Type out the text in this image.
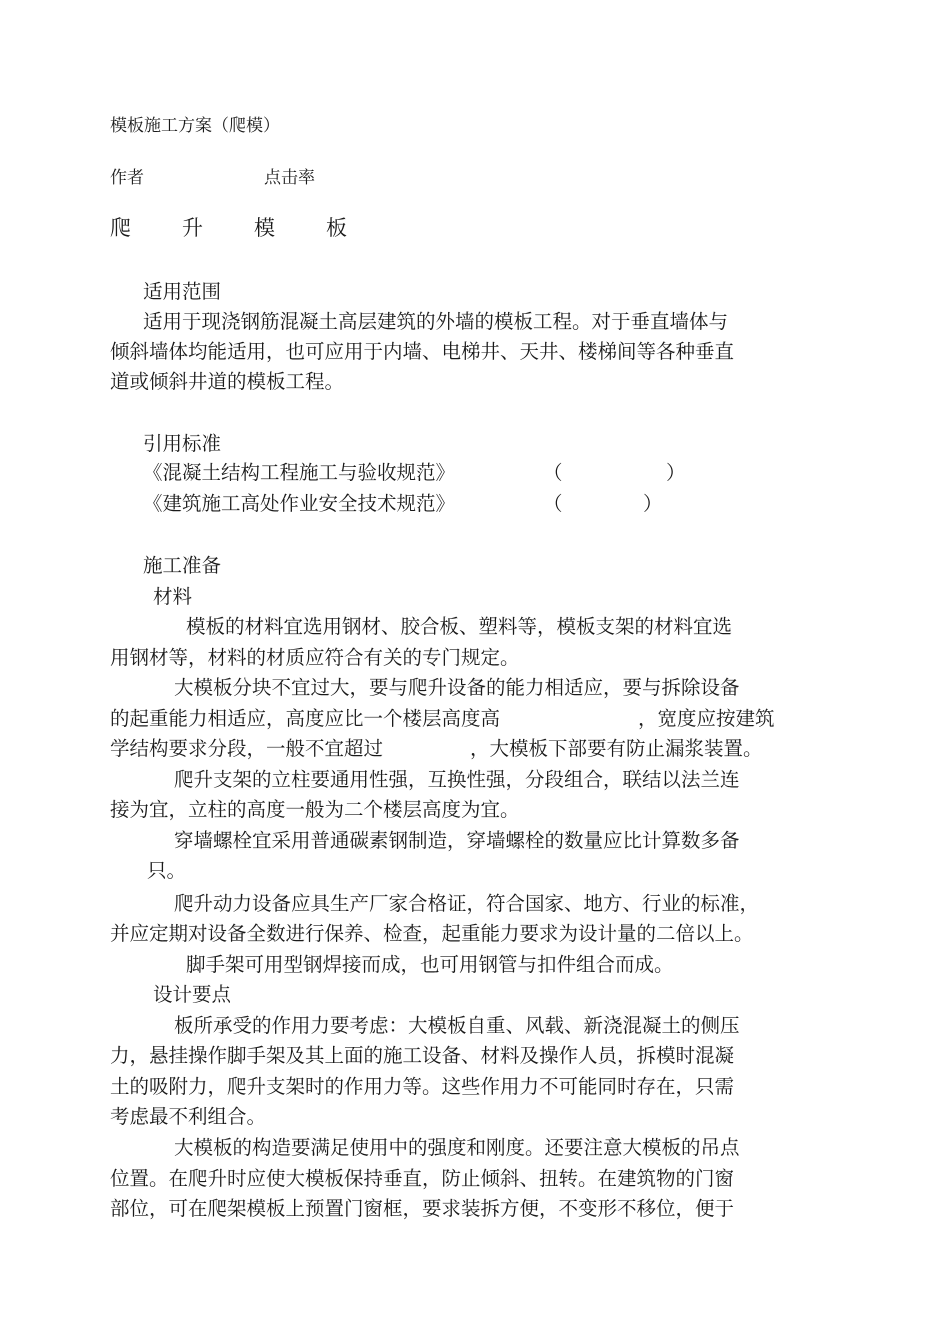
模板施工方案（爬模）
作者	点击率
爬　升　模　板
适用范围
适用于现浇钢筋混凝土高层建筑的外墙的模板工程。对于垂直墙体与
倾斜墙体均能适用，也可应用于内墙、电梯井、天井、楼梯间等各种垂直
道或倾斜井道的模板工程。
引用标准
《混凝土结构工程施工与验收规范》	（	）
《建筑施工高处作业安全技术规范》	（	）
施工准备
材料
模板的材料宜选用钢材、胶合板、塑料等，模板支架的材料宜选
用钢材等，材料的材质应符合有关的专门规定。
大模板分块不宜过大，要与爬升设备的能力相适应，要与拆除设备
的起重能力相适应，高度应比一个楼层高度高	，宽度应按建筑
学结构要求分段，一般不宜超过	，大模板下部要有防止漏浆装置。
爬升支架的立柱要通用性强，互换性强，分段组合，联结以法兰连
接为宜，立柱的高度一般为二个楼层高度为宜。
穿墙螺栓宜采用普通碳素钢制造，穿墙螺栓的数量应比计算数多备
只。
爬升动力设备应具生产厂家合格证，符合国家、地方、行业的标准，
并应定期对设备全数进行保养、检查，起重能力要求为设计量的二倍以上。
脚手架可用型钢焊接而成，也可用钢管与扣件组合而成。
设计要点
板所承受的作用力要考虑：大模板自重、风载、新浇混凝土的侧压
力，悬挂操作脚手架及其上面的施工设备、材料及操作人员，拆模时混凝
土的吸附力，爬升支架时的作用力等。这些作用力不可能同时存在，只需
考虑最不利组合。
大模板的构造要满足使用中的强度和刚度。还要注意大模板的吊点
位置。在爬升时应使大模板保持垂直，防止倾斜、扭转。在建筑物的门窗
部位，可在爬架模板上预置门窗框，要求装拆方便，不变形不移位，便于
